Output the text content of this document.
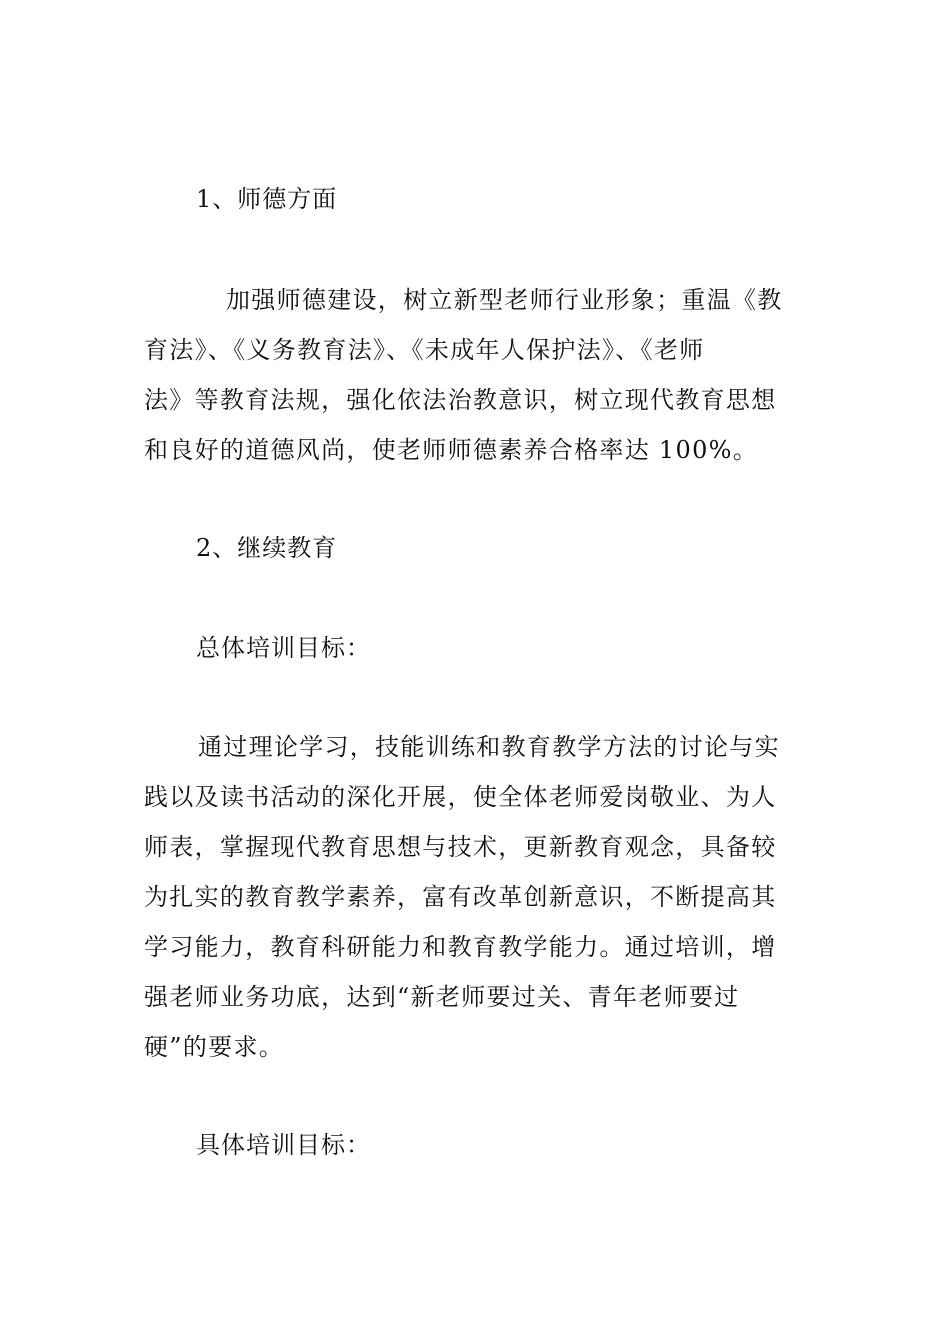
1、师德方面

加强师德建设，树立新型老师行业形象；重温《教
育法》、《义务教育法》、《未成年人保护法》、《老师
法》等教育法规，强化依法治教意识，树立现代教育思想
和良好的道德风尚，使老师师德素养合格率达 100%。

2、继续教育
总体培训目标：

通过理论学习，技能训练和教育教学方法的讨论与实
践以及读书活动的深化开展，使全体老师爱岗敬业、为人
师表，掌握现代教育思想与技术，更新教育观念，具备较
为扎实的教育教学素养，富有改革创新意识，不断提高其
学习能力，教育科研能力和教育教学能力。通过培训，增
强老师业务功底，达到“新老师要过关、青年老师要过
硬”的要求。

具体培训目标：
